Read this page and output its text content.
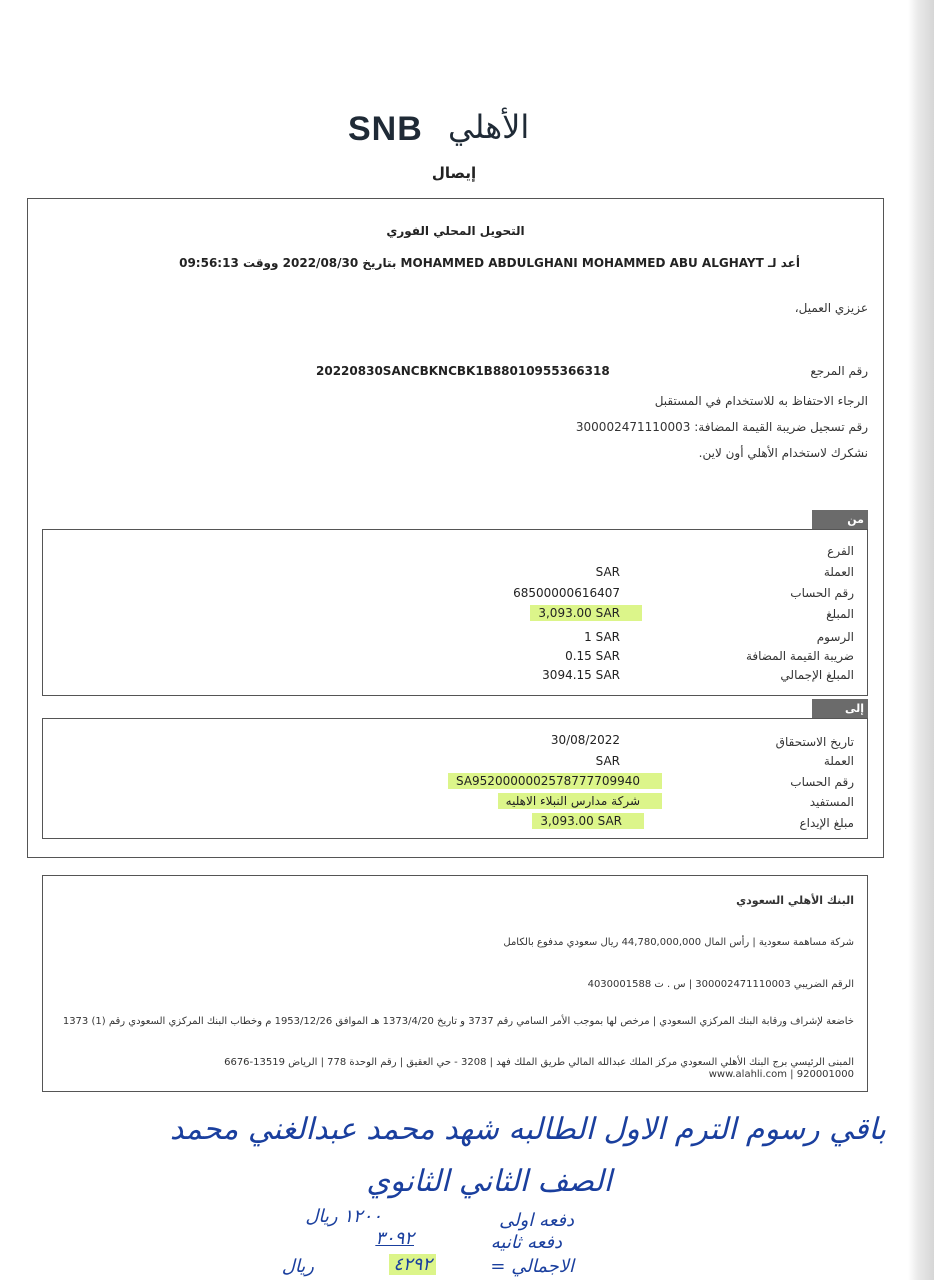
SNB الأهلي
إيصال
التحويل المحلي الفوري
أعد لـ MOHAMMED ABDULGHANI MOHAMMED ABU ALGHAYT بتاريخ 2022/08/30 ووقت 09:56:13
عزيزي العميل،
رقم المرجع
20220830SANCBKNCBK1B88010955366318
الرجاء الاحتفاظ به للاستخدام في المستقبل
رقم تسجيل ضريبة القيمة المضافة: 300002471110003
نشكرك لاستخدام الأهلي أون لاين.
من
الفرع
العملة
SAR
رقم الحساب
68500000616407
المبلغ
3,093.00 SAR
الرسوم
1 SAR
ضريبة القيمة المضافة
0.15 SAR
المبلغ الإجمالي
3094.15 SAR
إلى
تاريخ الاستحقاق
30/08/2022
العملة
SAR
رقم الحساب
SA9520000002578777709940
المستفيد
شركة مدارس النبلاء الاهليه
مبلغ الإيداع
3,093.00 SAR
البنك الأهلي السعودي
شركة مساهمة سعودية | رأس المال 44,780,000,000 ريال سعودي مدفوع بالكامل
الرقم الضريبي 300002471110003 | س . ت 4030001588
خاضعة لإشراف ورقابة البنك المركزي السعودي | مرخص لها بموجب الأمر السامي رقم 3737 و تاريخ 1373/4/20 هـ الموافق 1953/12/26 م وخطاب البنك المركزي السعودي رقم (1) 1373
المبنى الرئيسي برج البنك الأهلي السعودي مركز الملك عبدالله المالي طريق الملك فهد | 3208 - حي العقيق | رقم الوحدة 778 | الرياض 13519-6676
920001000 | www.alahli.com
باقي رسوم الترم الاول الطالبه شهد محمد عبدالغني محمد
الصف الثاني الثانوي
دفعه اولى
١٢٠٠ ريال
دفعه ثانيه
٣٠٩٢
الاجمالي =
٤٢٩٢
ريال
